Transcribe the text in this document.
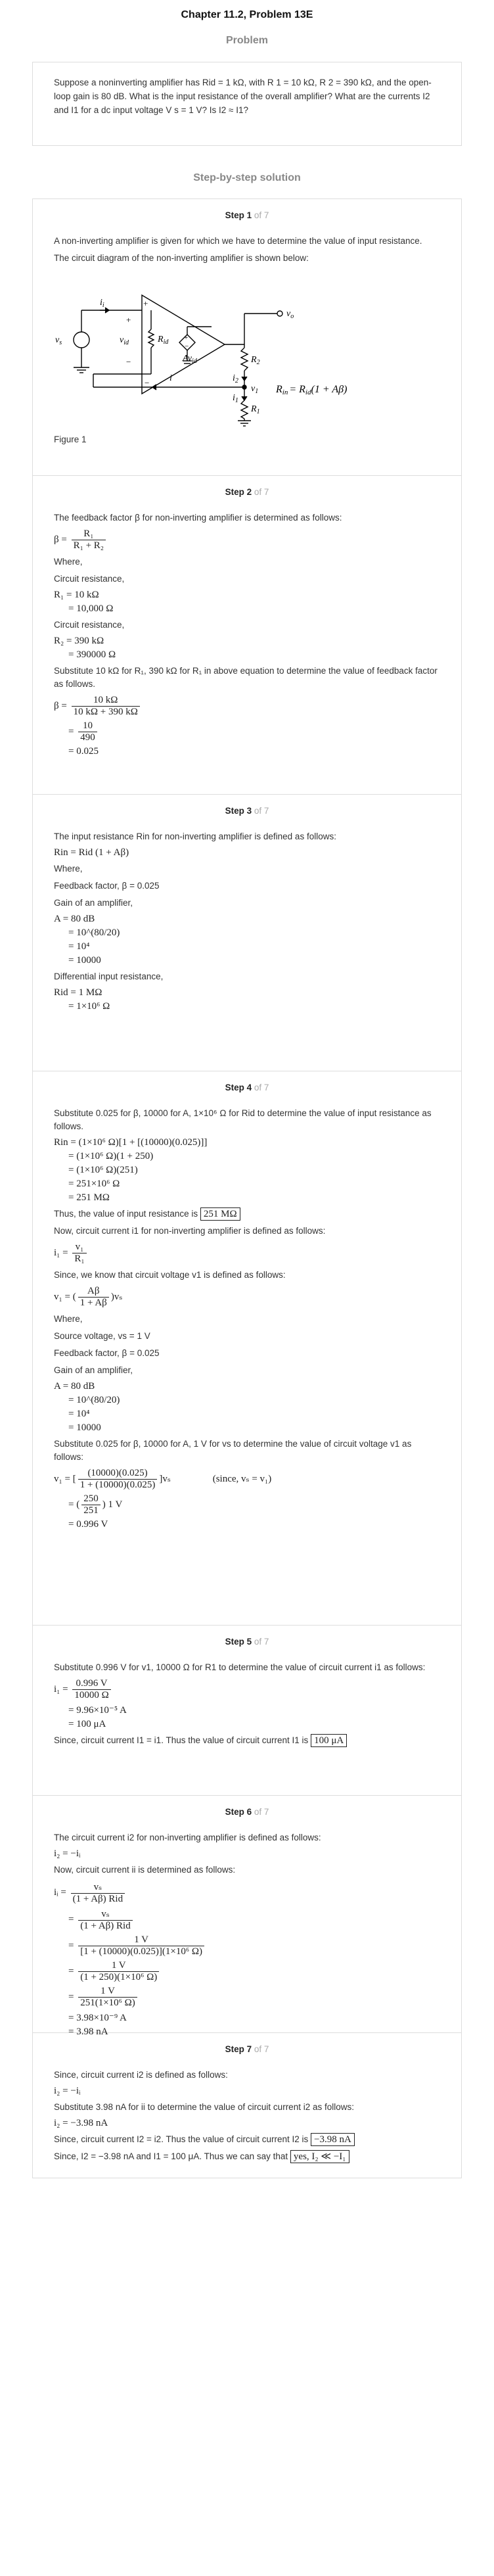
Chapter 11.2, Problem 13E
Problem
Suppose a noninverting amplifier has Rid = 1 kΩ, with R 1 = 10 kΩ, R 2 = 390 kΩ, and the open-loop gain is 80 dB. What is the input resistance of the overall amplifier? What are the currents I2 and I1 for a dc input voltage V s = 1 V? Is I2 ≈ I1?
Step-by-step solution
Step 1 of 7
A non-inverting amplifier is given for which we have to determine the value of input resistance.
The circuit diagram of the non-inverting amplifier is shown below:
$v_s$
$i_i$
$v_{id}$	$R_{id}$
$Av_{id}$
$v_o$
$R_2$
$i_2$
$v_1$
$i_1$
$R_1$
i
Rin = Rid(1 + Aβ)
+
−
+
−
+
−
Figure 1
Step 2 of 7
The feedback factor β for non-inverting amplifier is determined as follows:
$\beta = \frac{\text{R₁}}{\text{R₁ + R₂}}$
Where,
Circuit resistance,
R₁ = 10 kΩ
= 10,000 Ω
Circuit resistance,
R₂ = 390 kΩ
= 390000 Ω
Substitute 10 kΩ for R₁, 390 kΩ for R₁ in above equation to determine the value of feedback factor as follows.
$\beta = \frac{10 k\Omega}{10 k\Omega + 390 k\Omega}$
= $\frac{10}{490}$
= 0.025
Step 3 of 7
The input resistance Rin for non-inverting amplifier is defined as follows:
Rin = Rid (1 + Aβ)
Where,
Feedback factor, β = 0.025
Gain of an amplifier,
A = 80 dB
= 10^(80/20)
= 10⁴
= 10000
Differential input resistance,
Rid = 1 MΩ
= 1×10⁶ Ω
Step 4 of 7
Substitute 0.025 for β, 10000 for A, 1×10⁶ Ω for Rid to determine the value of input resistance as follows.
Rin = (1×10⁶ Ω)[1 + [(10000)(0.025)]]
= (1×10⁶ Ω)(1 + 250)
= (1×10⁶ Ω)(251)
= 251×10⁶ Ω
= 251 MΩ
Thus, the value of input resistance is 251 MΩ
Now, circuit current i1 for non-inverting amplifier is defined as follows:
$i_1 = \frac{\text{v₁}}{\text{R₁}}$
Since, we know that circuit voltage v1 is defined as follows:
v₁ = ( $\frac{A\beta}{1 + A\beta} )v_s$
Where,
Source voltage, vs = 1 V
Feedback factor, β = 0.025
Gain of an amplifier,
A = 80 dB
= 10^(80/20)
= 10⁴
= 10000
Substitute 0.025 for β, 10000 for A, 1 V for vs to determine the value of circuit voltage v1 as follows:
v₁ = [ $\frac{(10000)(0.025)}{1 + (10000)(0.025)} ]v_s$	(since, vₛ = v₁)
= ( $\frac{250}{251}$ ) 1 V
= 0.996 V
Step 5 of 7
Substitute 0.996 V for v1, 10000 Ω for R1 to determine the value of circuit current i1 as follows:
$i_1 = \frac{0.996 V}{10000 \Omega}$
= 9.96×10⁻⁵ A
= 100 μA
Since, circuit current I1 = i1. Thus the value of circuit current I1 is 100 μA
Step 6 of 7
The circuit current i2 for non-inverting amplifier is defined as follows:
i₂ = −iᵢ
Now, circuit current ii is determined as follows:
iᵢ = $\frac{\text{vₛ}}{\text{(1 + Aβ) Rid}}$
= $\frac{\text{vₛ}}{\text{(1 + Aβ) Rid}}$
= $\frac{1 V}{\text{[1 + (10000)(0.025)](1×10⁶ Ω)}}$
= $\frac{1 V}{\text{(1 + 250)(1×10⁶ Ω)}}$
= $\frac{1 V}{\text{251(1×10⁶ Ω)}}$
= 3.98×10⁻⁹ A
= 3.98 nA
Step 7 of 7
Since, circuit current i2 is defined as follows:
i₂ = −iᵢ
Substitute 3.98 nA for ii to determine the value of circuit current i2 as follows:
i₂ = −3.98 nA
Since, circuit current I2 = i2. Thus the value of circuit current I2 is −3.98 nA
Since, I2 = −3.98 nA and I1 = 100 μA. Thus we can say that yes, I₂ ≪ −I₁
